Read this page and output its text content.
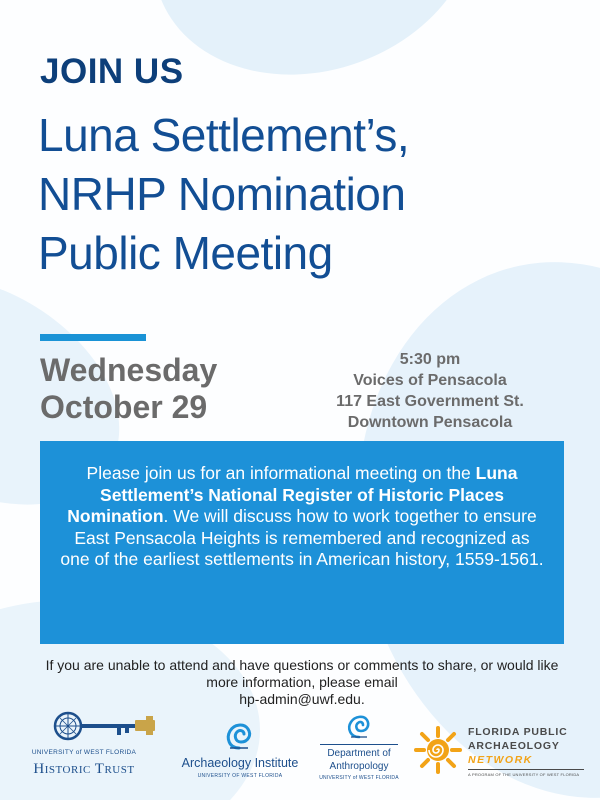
JOIN US
Luna Settlement’s,
NRHP Nomination
Public Meeting
Wednesday
October 29
5:30 pm
Voices of Pensacola
117 East Government St.
Downtown Pensacola
Please join us for an informational meeting on the Luna Settlement’s National Register of Historic Places Nomination. We will discuss how to work together to ensure East Pensacola Heights is remembered and recognized as one of the earliest settlements in American history, 1559-1561.
If you are unable to attend and have questions or comments to share, or would like more information, please email
hp-admin@uwf.edu.
UNIVERSITY of WEST FLORIDA
Historic Trust	Archaeology Institute
UNIVERSITY OF WEST FLORIDA
Department of
Anthropology
UNIVERSITY of WEST FLORIDA
FLORIDA PUBLIC
ARCHAEOLOGY
NETWORK
A PROGRAM OF THE UNIVERSITY OF WEST FLORIDA
